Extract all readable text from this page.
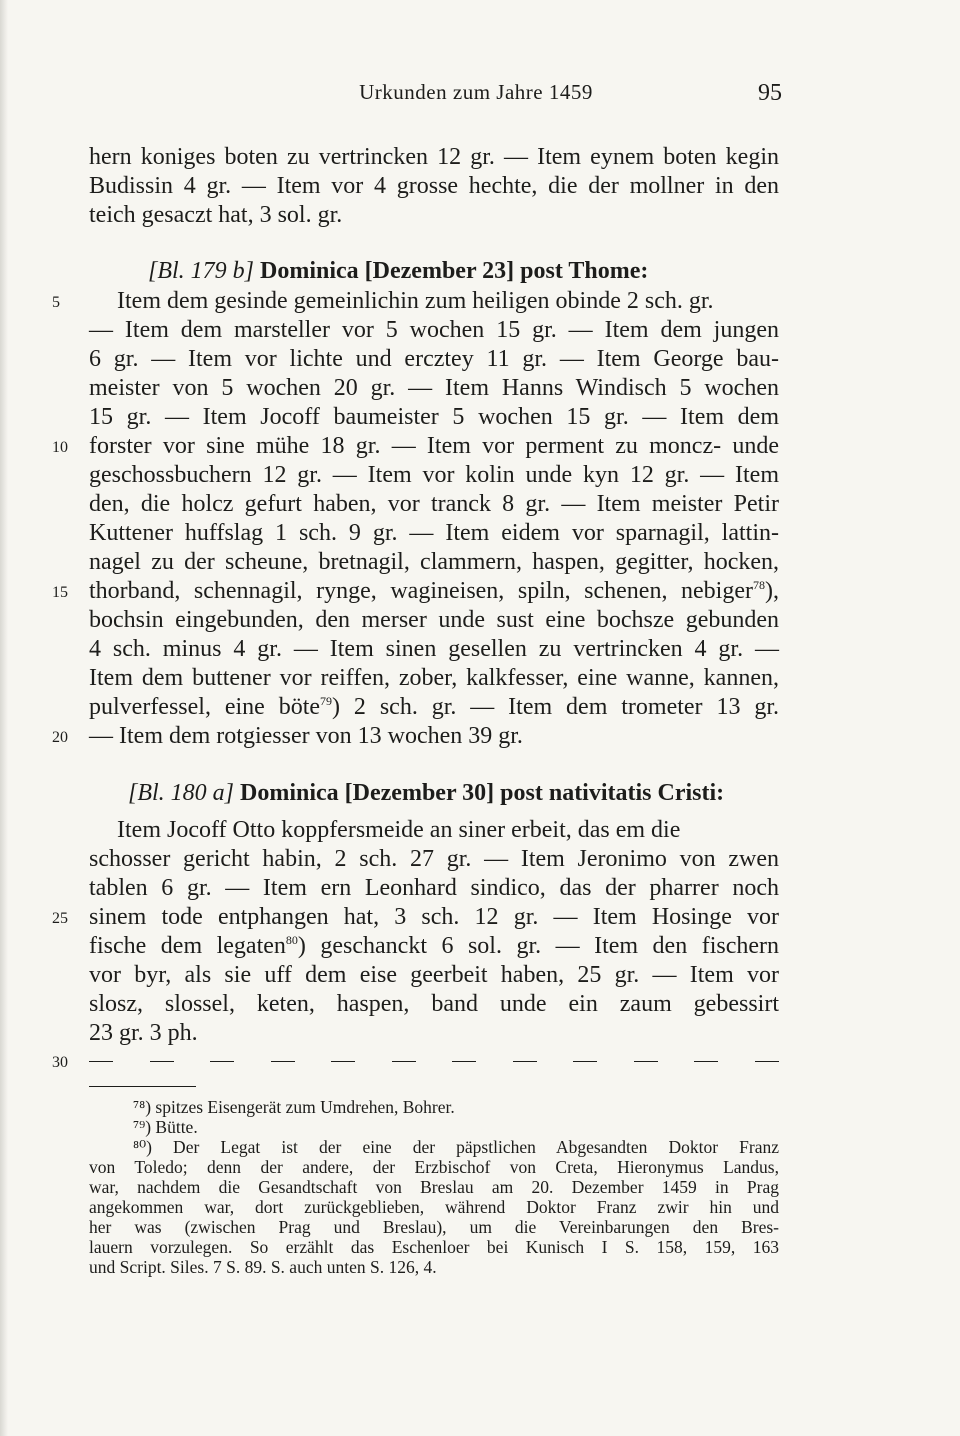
Urkunden zum Jahre 1459	95
hern koniges boten zu vertrincken 12 gr. — Item eynem boten kegin
Budissin 4 gr. — Item vor 4 grosse hechte, die der mollner in den
teich gesaczt hat, 3 sol. gr.
[Bl. 179 b] Dominica [Dezember 23] post Thome:
Item dem gesinde gemeinlichin zum heiligen obinde 2 sch. gr.
— Item dem marsteller vor 5 wochen 15 gr. — Item dem jungen
6 gr. — Item vor lichte und ercztey 11 gr. — Item George bau-
meister von 5 wochen 20 gr. — Item Hanns Windisch 5 wochen
15 gr. — Item Jocoff baumeister 5 wochen 15 gr. — Item dem
forster vor sine mühe 18 gr. — Item vor perment zu moncz- unde
geschossbuchern 12 gr. — Item vor kolin unde kyn 12 gr. — Item
den, die holcz gefurt haben, vor tranck 8 gr. — Item meister Petir
Kuttener huffslag 1 sch. 9 gr. — Item eidem vor sparnagil, lattin-
nagel zu der scheune, bretnagil, clammern, haspen, gegitter, hocken,
thorband, schennagil, rynge, wagineisen, spiln, schenen, nebiger$^{78}$),
bochsin eingebunden, den merser unde sust eine bochsze gebunden
4 sch. minus 4 gr. — Item sinen gesellen zu vertrincken 4 gr. —
Item dem buttener vor reiffen, zober, kalkfesser, eine wanne, kannen,
pulverfessel, eine böte$^{79}$) 2 sch. gr. — Item dem trometer 13 gr.
— Item dem rotgiesser von 13 wochen 39 gr.
[Bl. 180 a] Dominica [Dezember 30] post nativitatis Cristi:
Item Jocoff Otto koppfersmeide an siner erbeit, das em die
schosser gericht habin, 2 sch. 27 gr. — Item Jeronimo von zwen
tablen 6 gr. — Item ern Leonhard sindico, das der pharrer noch
sinem tode entphangen hat, 3 sch. 12 gr. — Item Hosinge vor
fische dem legaten$^{80}$) geschanckt 6 sol. gr. — Item den fischern
vor byr, als sie uff dem eise geerbeit haben, 25 gr. — Item vor
slosz, slossel, keten, haspen, band unde ein zaum gebessirt
23 gr. 3 ph.
5
10
15
20
25
30
⁷⁸) spitzes Eisengerät zum Umdrehen, Bohrer.
⁷⁹) Bütte.
⁸⁰) Der Legat ist der eine der päpstlichen Abgesandten Doktor Franz
von Toledo; denn der andere, der Erzbischof von Creta, Hieronymus Landus,
war, nachdem die Gesandtschaft von Breslau am 20. Dezember 1459 in Prag
angekommen war, dort zurückgeblieben, während Doktor Franz zwir hin und
her was (zwischen Prag und Breslau), um die Vereinbarungen den Bres-
lauern vorzulegen. So erzählt das Eschenloer bei Kunisch I S. 158, 159, 163
und Script. Siles. 7 S. 89. S. auch unten S. 126, 4.
